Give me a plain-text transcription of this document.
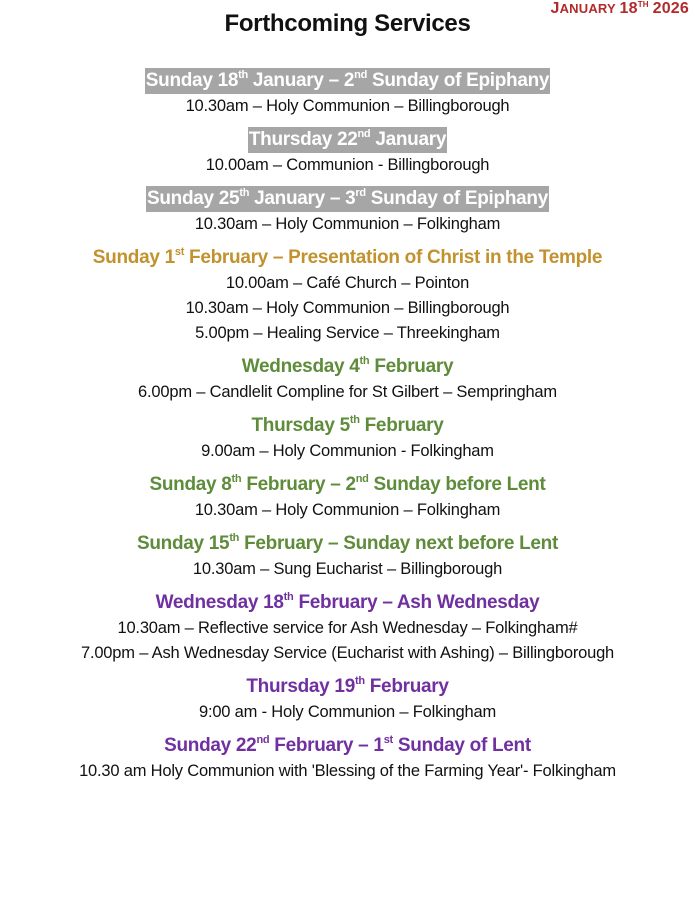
JANUARY 18TH 2026
Forthcoming Services
Sunday 18th January – 2nd Sunday of Epiphany
10.30am – Holy Communion – Billingborough
Thursday 22nd January
10.00am – Communion - Billingborough
Sunday 25th January – 3rd Sunday of Epiphany
10.30am – Holy Communion – Folkingham
Sunday 1st February – Presentation of Christ in the Temple
10.00am – Café Church – Pointon
10.30am – Holy Communion – Billingborough
5.00pm – Healing Service – Threekingham
Wednesday 4th February
6.00pm – Candlelit Compline for St Gilbert – Sempringham
Thursday 5th February
9.00am – Holy Communion - Folkingham
Sunday 8th February – 2nd Sunday before Lent
10.30am – Holy Communion – Folkingham
Sunday 15th February – Sunday next before Lent
10.30am – Sung Eucharist – Billingborough
Wednesday 18th February – Ash Wednesday
10.30am – Reflective service for Ash Wednesday – Folkingham#
7.00pm – Ash Wednesday Service (Eucharist with Ashing) – Billingborough
Thursday 19th February
9:00 am - Holy Communion – Folkingham
Sunday 22nd February – 1st Sunday of Lent
10.30 am Holy Communion with 'Blessing of the Farming Year'- Folkingham
